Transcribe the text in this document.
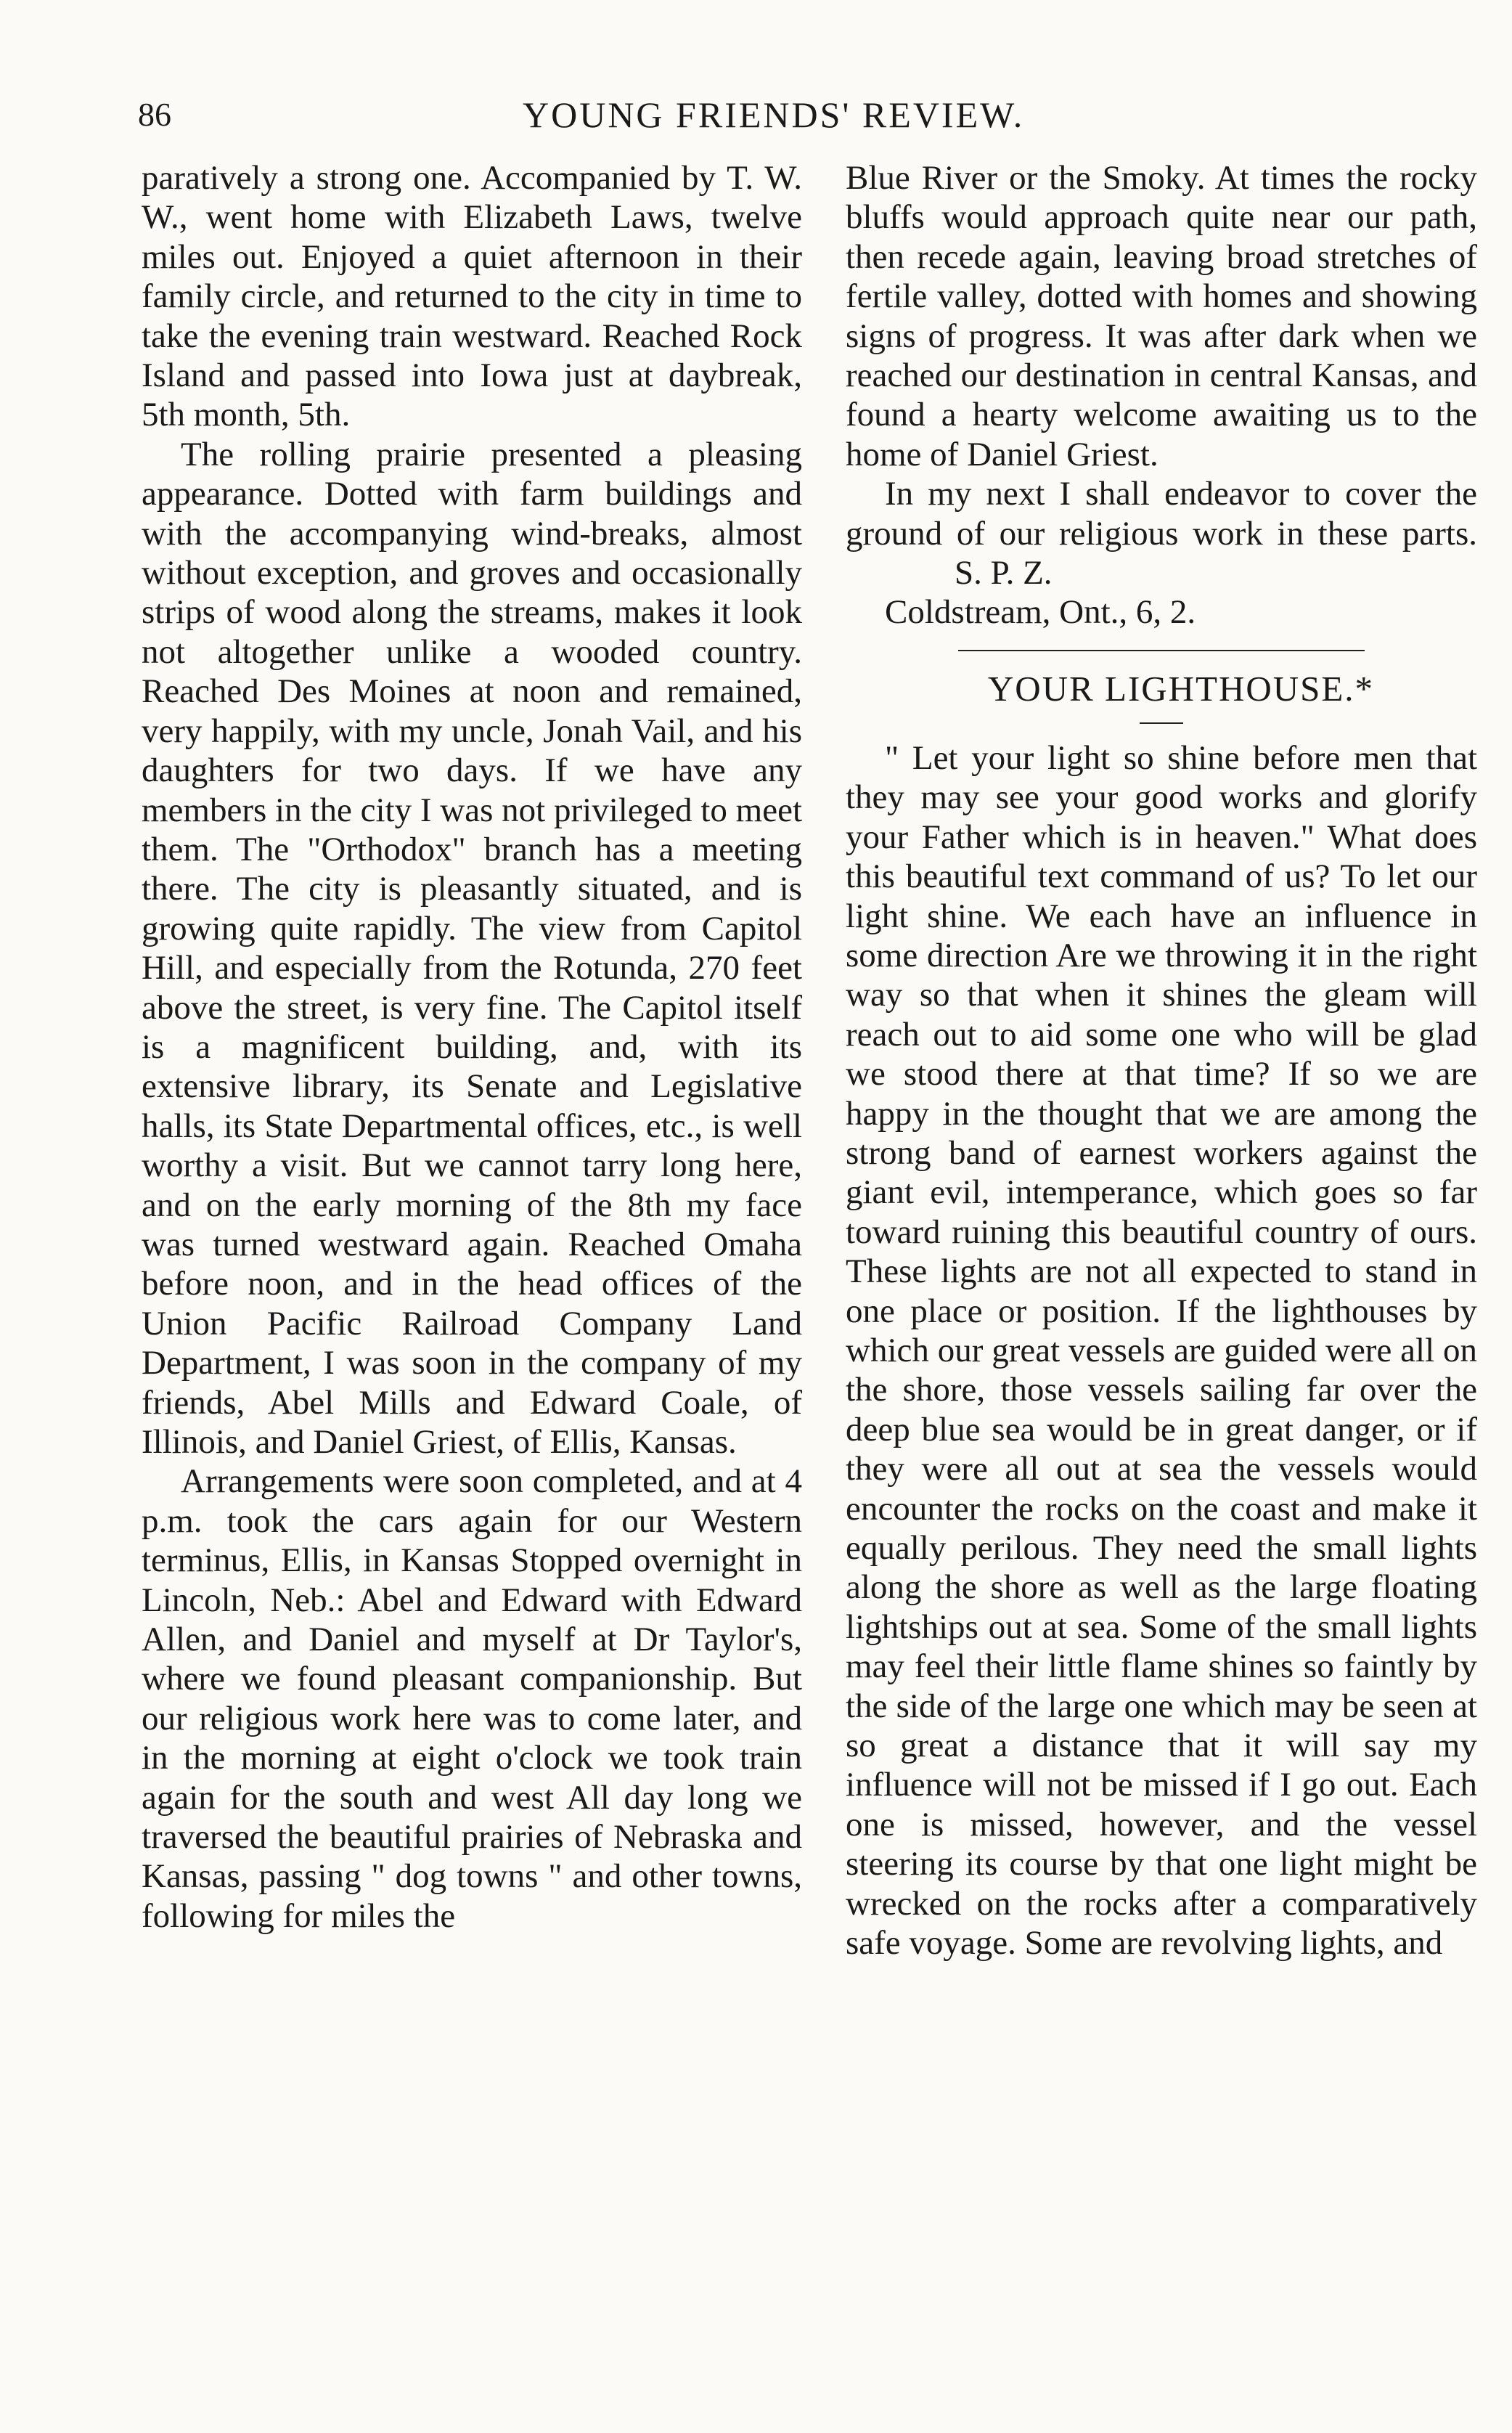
86	YOUNG FRIENDS' REVIEW.

paratively a strong one. Accompanied by T. W. W., went home with Elizabeth Laws, twelve miles out. Enjoyed a quiet afternoon in their family circle, and returned to the city in time to take the evening train westward. Reached Rock Island and passed into Iowa just at daybreak, 5th month, 5th.

The rolling prairie presented a pleasing appearance. Dotted with farm buildings and with the accompanying wind-breaks, almost without exception, and groves and occasionally strips of wood along the streams, makes it look not altogether unlike a wooded country. Reached Des Moines at noon and remained, very happily, with my uncle, Jonah Vail, and his daughters for two days. If we have any members in the city I was not privileged to meet them. The "Orthodox" branch has a meeting there. The city is pleasantly situated, and is growing quite rapidly. The view from Capitol Hill, and especially from the Rotunda, 270 feet above the street, is very fine. The Capitol itself is a magnificent building, and, with its extensive library, its Senate and Legislative halls, its State Departmental offices, etc., is well worthy a visit. But we cannot tarry long here, and on the early morning of the 8th my face was turned westward again. Reached Omaha before noon, and in the head offices of the Union Pacific Railroad Company Land Department, I was soon in the company of my friends, Abel Mills and Edward Coale, of Illinois, and Daniel Griest, of Ellis, Kansas.

Arrangements were soon completed, and at 4 p.m. took the cars again for our Western terminus, Ellis, in Kansas Stopped overnight in Lincoln, Neb.: Abel and Edward with Edward Allen, and Daniel and myself at Dr Taylor's, where we found pleasant companionship. But our religious work here was to come later, and in the morning at eight o'clock we took train again for the south and west All day long we traversed the beautiful prairies of Nebraska and Kansas, passing " dog towns " and other towns, following for miles the

Blue River or the Smoky. At times the rocky bluffs would approach quite near our path, then recede again, leaving broad stretches of fertile valley, dotted with homes and showing signs of progress. It was after dark when we reached our destination in central Kansas, and found a hearty welcome awaiting us to the home of Daniel Griest.

In my next I shall endeavor to cover the ground of our religious work in these parts.S. P. Z.

Coldstream, Ont., 6, 2.

YOUR LIGHTHOUSE.*

" Let your light so shine before men that they may see your good works and glorify your Father which is in heaven." What does this beautiful text command of us? To let our light shine. We each have an influence in some direction Are we throwing it in the right way so that when it shines the gleam will reach out to aid some one who will be glad we stood there at that time? If so we are happy in the thought that we are among the strong band of earnest workers against the giant evil, intemperance, which goes so far toward ruining this beautiful country of ours. These lights are not all expected to stand in one place or position. If the lighthouses by which our great vessels are guided were all on the shore, those vessels sailing far over the deep blue sea would be in great danger, or if they were all out at sea the vessels would encounter the rocks on the coast and make it equally perilous. They need the small lights along the shore as well as the large floating lightships out at sea. Some of the small lights may feel their little flame shines so faintly by the side of the large one which may be seen at so great a distance that it will say my influence will not be missed if I go out. Each one is missed, however, and the vessel steering its course by that one light might be wrecked on the rocks after a comparatively safe voyage. Some are revolving lights, and
